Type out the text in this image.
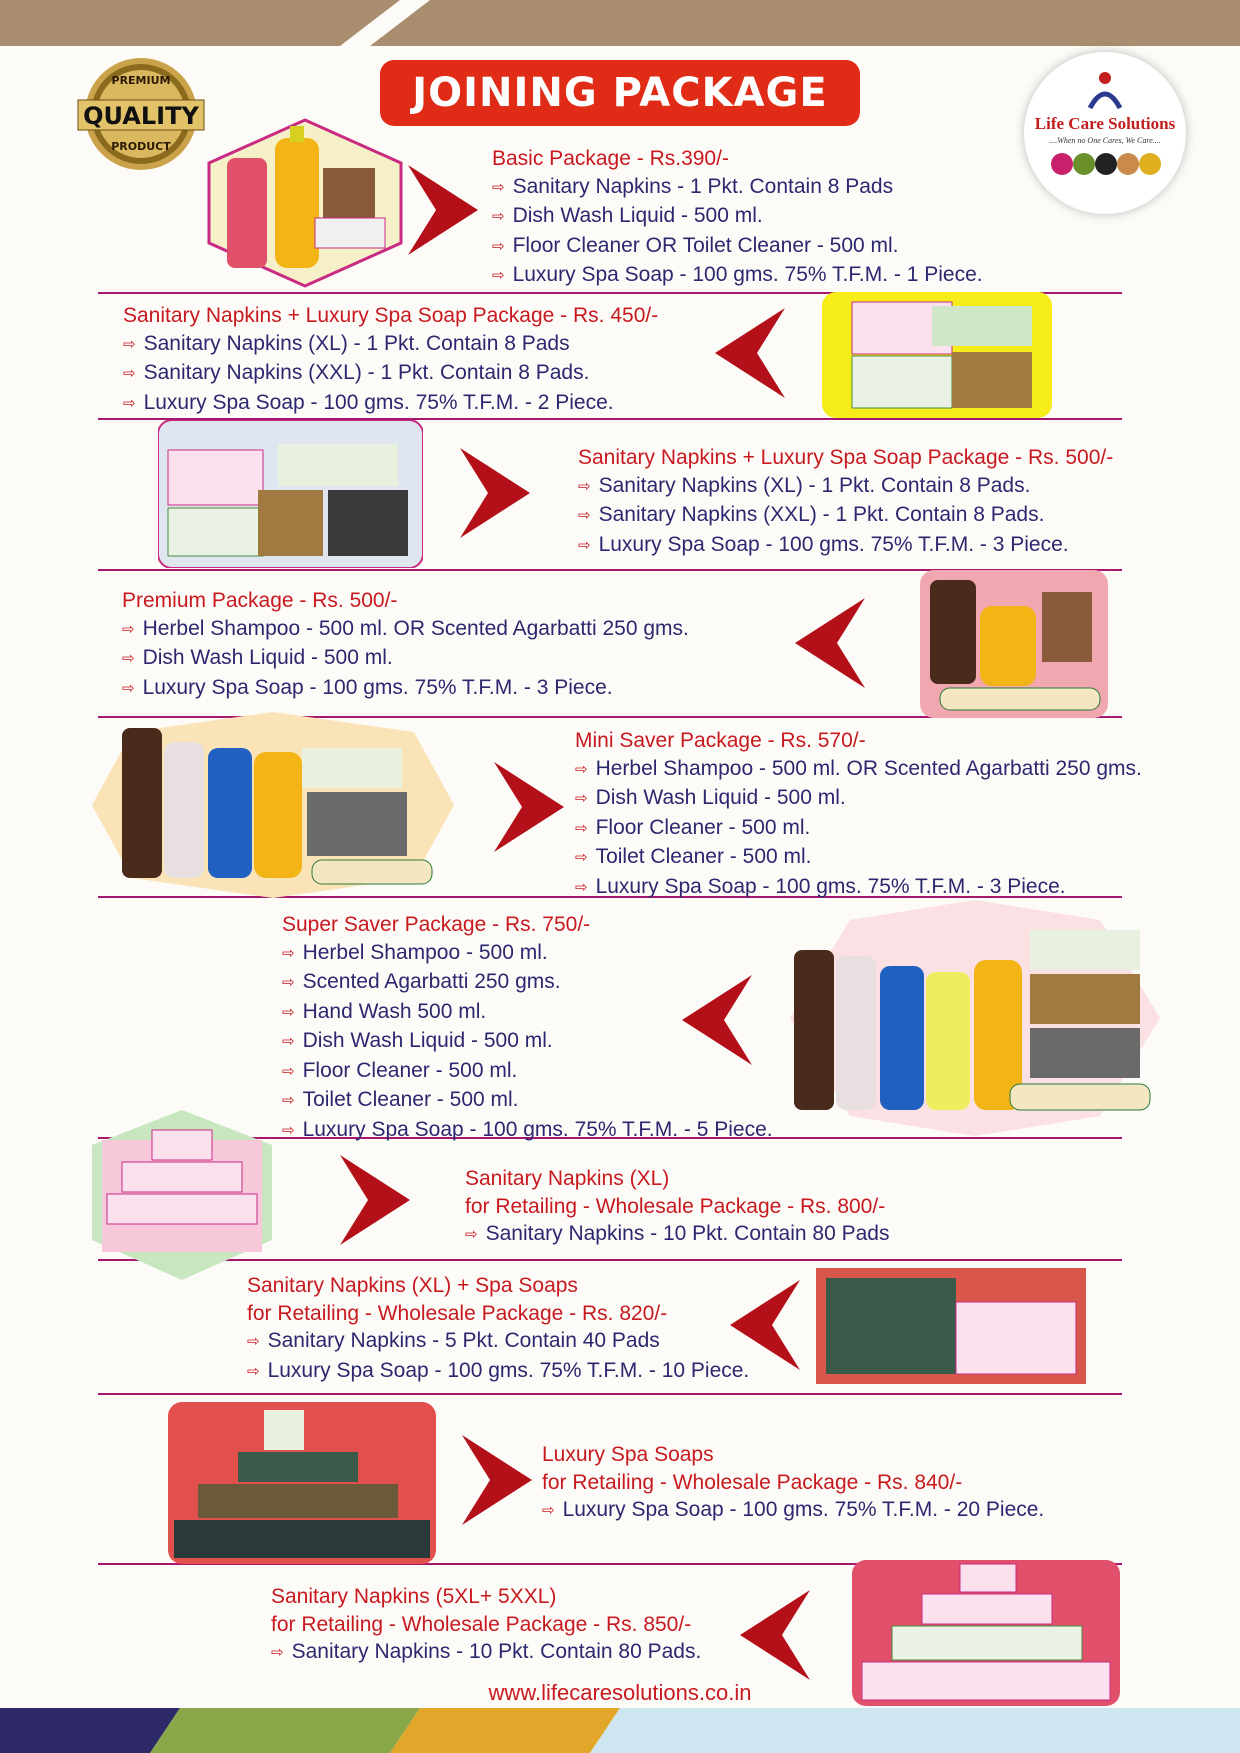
PREMIUM
QUALITY
PRODUCT
JOINING PACKAGE
Life Care Solutions
....When no One Cares, We Care....
Basic Package - Rs.390/-
⇨ Sanitary Napkins - 1 Pkt. Contain 8 Pads
⇨ Dish Wash Liquid - 500 ml.
⇨ Floor Cleaner OR Toilet Cleaner - 500 ml.
⇨ Luxury Spa Soap - 100 gms. 75% T.F.M. - 1 Piece.
Sanitary Napkins + Luxury Spa Soap Package - Rs. 450/-
⇨ Sanitary Napkins (XL) - 1 Pkt. Contain 8 Pads
⇨ Sanitary Napkins (XXL) - 1 Pkt. Contain 8 Pads.
⇨ Luxury Spa Soap - 100 gms. 75% T.F.M. - 2 Piece.
Sanitary Napkins + Luxury Spa Soap Package - Rs. 500/-
⇨ Sanitary Napkins (XL) - 1 Pkt. Contain 8 Pads.
⇨ Sanitary Napkins (XXL) - 1 Pkt. Contain 8 Pads.
⇨ Luxury Spa Soap - 100 gms. 75% T.F.M. - 3 Piece.
Premium Package - Rs. 500/-
⇨ Herbel Shampoo - 500 ml. OR Scented Agarbatti 250 gms.
⇨ Dish Wash Liquid - 500 ml.
⇨ Luxury Spa Soap - 100 gms. 75% T.F.M. - 3 Piece.
Mini Saver Package - Rs. 570/-
⇨ Herbel Shampoo - 500 ml. OR Scented Agarbatti 250 gms.
⇨ Dish Wash Liquid - 500 ml.
⇨ Floor Cleaner - 500 ml.
⇨ Toilet Cleaner - 500 ml.
⇨ Luxury Spa Soap - 100 gms. 75% T.F.M. - 3 Piece.
Super Saver Package - Rs. 750/-
⇨ Herbel Shampoo - 500 ml.
⇨ Scented Agarbatti 250 gms.
⇨ Hand Wash 500 ml.
⇨ Dish Wash Liquid - 500 ml.
⇨ Floor Cleaner - 500 ml.
⇨ Toilet Cleaner - 500 ml.
⇨ Luxury Spa Soap - 100 gms. 75% T.F.M. - 5 Piece.
Sanitary Napkins (XL)
for Retailing - Wholesale Package - Rs. 800/-
⇨ Sanitary Napkins - 10 Pkt. Contain 80 Pads
Sanitary Napkins (XL) + Spa Soaps
for Retailing - Wholesale Package - Rs. 820/-
⇨ Sanitary Napkins - 5 Pkt. Contain 40 Pads
⇨ Luxury Spa Soap - 100 gms. 75% T.F.M. - 10 Piece.
Luxury Spa Soaps
for Retailing - Wholesale Package - Rs. 840/-
⇨ Luxury Spa Soap - 100 gms. 75% T.F.M. - 20 Piece.
Sanitary Napkins (5XL+ 5XXL)
for Retailing - Wholesale Package - Rs. 850/-
⇨ Sanitary Napkins - 10 Pkt. Contain 80 Pads.
www.lifecaresolutions.co.in
